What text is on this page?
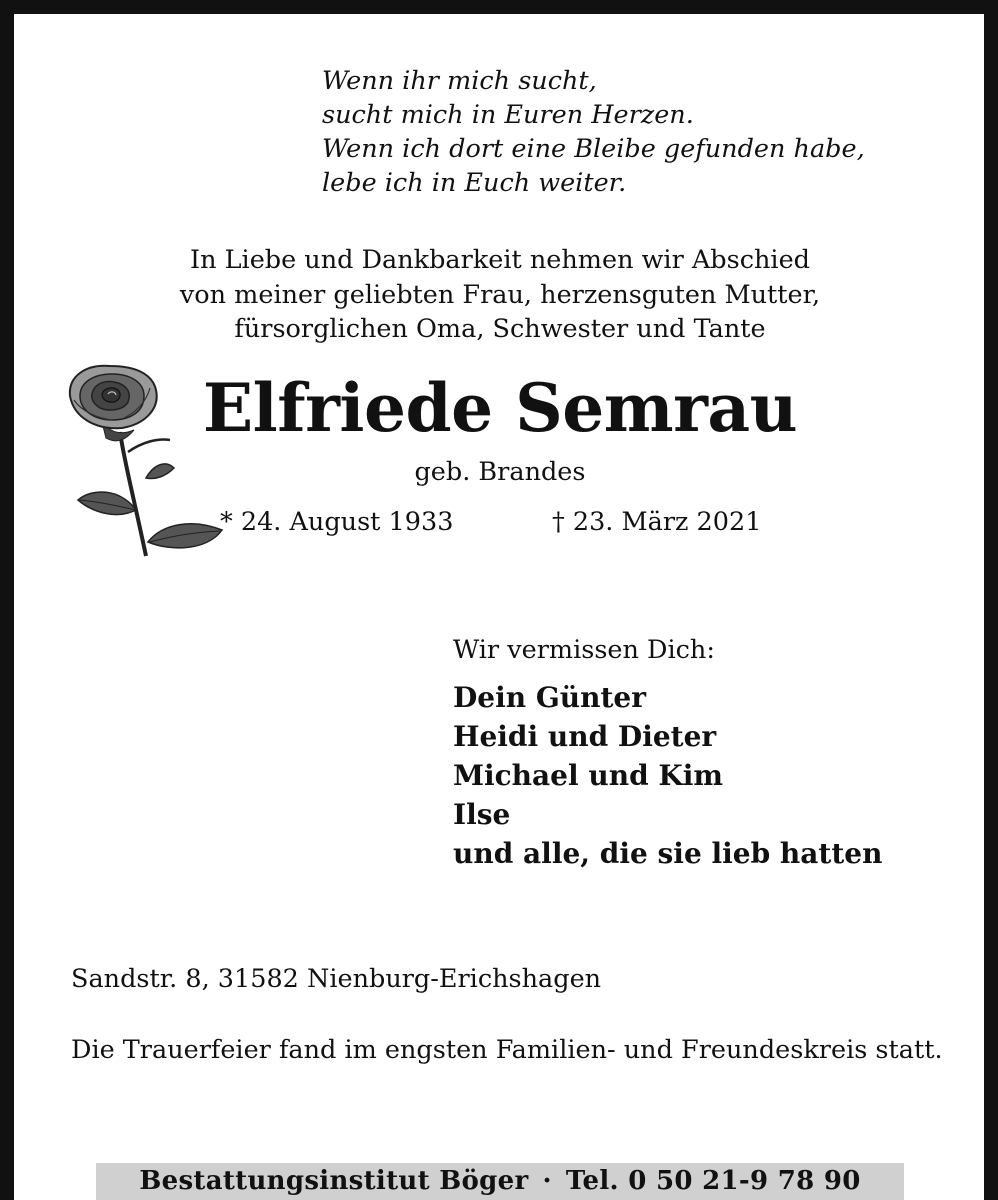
Wenn ihr mich sucht,
sucht mich in Euren Herzen.
Wenn ich dort eine Bleibe gefunden habe,
lebe ich in Euch weiter.
In Liebe und Dankbarkeit nehmen wir Abschied
von meiner geliebten Frau, herzensguten Mutter,
fürsorglichen Oma, Schwester und Tante
Elfriede Semrau
geb. Brandes
* 24. August 1933	† 23. März 2021
Wir vermissen Dich:
Dein Günter
Heidi und Dieter
Michael und Kim
Ilse
und alle, die sie lieb hatten
Sandstr. 8, 31582 Nienburg-Erichshagen
Die Trauerfeier fand im engsten Familien- und Freundeskreis statt.
Bestattungsinstitut Böger · Tel. 0 50 21-9 78 90
